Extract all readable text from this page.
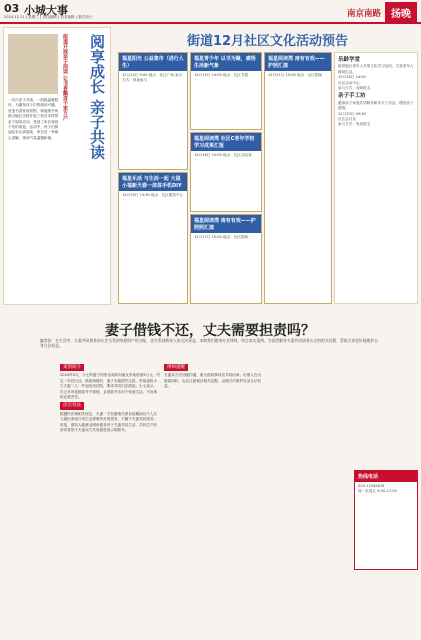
03 小城大事
2024.12.11 | 星期三 | 责任编辑 | 美术编辑 | 版式设计	南京南路	扬晚
阅享成长 亲子共读
街道开展亲子阅读 让书香飘进千家万户
一次次亲子共读，一段段温暖陪伴。为激发孩子们的阅读兴趣，营造书香家庭氛围，街道图书角联合辖区学校开展了形式多样的亲子阅读活动，受到了家长和孩子们的欢迎，活动中，孩子们捧起绘本认真阅读，家长在一旁耐心讲解，现场气氛温馨和谐。
街道12月社区文化活动预告
福星阳光 公益集市（进行人生）
12月14日 9:00 地点：社区广场 参与方式：现场参与
福星青少年 以书为聚，感悟生活新气象
12月15日 14:00 地点：社区书屋
福星阅读湾 社区C老年学校学习成果汇报
12月16日 10:00 地点：社区活动室
福星阅读湾 南有有戏——护照照汇演
12月17日 15:00 地点：社区剧场
福星乐活 与生活一起 大福小福新天春一体体手机DIY
12月19日 13:30 地点：社区服务中心
福星阅读湾 南有有戏——护照汇演
12月21日 15:00 地点：社区剧场
乐龄学堂
组织辖区老年人开展文化学习活动，丰富老年人精神生活。
12月18日 14:00
社区活动中心
参与方式：现场报名
亲子手工坊
邀请亲子家庭共同制作新年手工作品，增进亲子感情。
12月20日 09:30
社区会议室
参与方式：电话报名
妻子借钱不还，丈夫需要担责吗？
编者按：在生活中，夫妻共同债务的认定关系到家庭财产的分配，也关系到债权人的合法权益。本期我们邀请专业律师，结合真实案例，为读者解答夫妻共同债务认定的相关问题，帮助大家更好地维护自身合法权益。
案情简介
2024年5月，小王的妻子因资金周转向朋友李某借款5万元，约定一年后归还。借款到期后，妻子未能按约还款，李某遂将小王夫妻二人一并起诉至法院，要求共同归还借款。小王表示，自己对该笔借款并不知情，且借款并未用于家庭生活，不应承担还款责任。
法官说法
根据民法典相关规定，夫妻一方在婚姻关系存续期间以个人名义超出家庭日常生活需要所负的债务，不属于夫妻共同债务；但是，债权人能够证明该债务用于夫妻共同生活、共同生产经营或者基于夫妻双方共同意思表示的除外。
律师提醒
夫妻双方应加强沟通，重大借款事项应共同协商；出借人在出借款项时，也应注意留存相关证据，以便日后维护自身合法权益。
热线电话
025-12345678
周一至周五 9:00-17:00
